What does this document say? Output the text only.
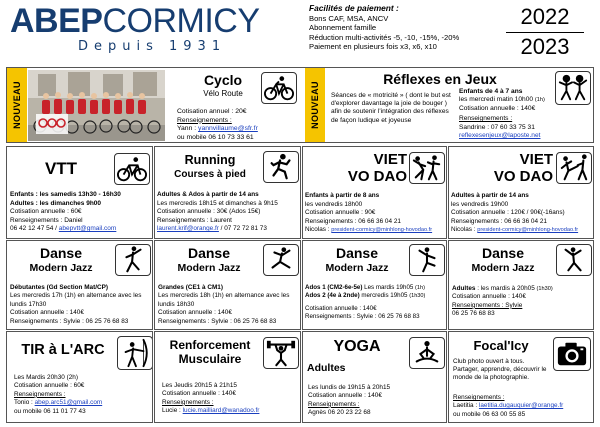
ABEPCORMICY
Depuis 1931
Facilités de paiement :
Bons CAF, MSA, ANCV
Abonnement famille
Réduction multi-activités -5, -10, -15%, -20%
Paiement en plusieurs fois x3, x6, x10
2022
2023
NOUVEAU
Cyclo
Vélo Route
Cotisation annuel : 20€
Renseignements :
Yann : yannvillaume@sfr.fr
ou mobile 06 10 73 33 61
NOUVEAU
Réflexes en Jeux
Séances de « motricité » ( dont le but est d'explorer davantage la joie de bouger ) afin de soutenir l'intégration des réflexes de façon ludique et joyeuse
Enfants de 4 à 7 ans
les mercredi matin 10h00 (1h)
Cotisation annuelle : 140€
Renseignements :
Sandrine : 07 60 33 75 31
reflexesenjeux@laposte.net
VTT
Enfants : les samedis 13h30 - 16h30
Adultes : les dimanches 9h00
Cotisation annuelle : 60€
Renseignements : Daniel
06 42 12 47 54 / abepvtt@gmail.com
Running
Courses à pied
Adultes & Ados à partir de 14 ans
Les mercredis 18h15 et dimanches à 9h15
Cotisation annuelle : 30€ (Ados 15€)
Renseignements : Laurent
laurent.krif@orange.fr / 07 72 72 81 73
VIET
VO DAO
Enfants à partir de 8 ans
les vendredis 18h00
Cotisation annuelle : 90€
Renseignements : 06 66 36 04 21
Nicolas : president-cormicy@minhlong-hovodao.fr
VIET
VO DAO
Adultes à partir de 14 ans
les vendredis 19h00
Cotisation annuelle : 120€ / 90€(-16ans)
Renseignements : 06 66 36 04 21
Nicolas : president-cormicy@minhlong-hovodao.fr
Danse
Modern Jazz
Débutantes (Gd Section Mat/CP)
Les mercredis 17h (1h) en alternance avec les lundis 17h30
Cotisation annuelle : 140€
Renseignements : Sylvie : 06 25 76 68 83
Danse
Modern Jazz
Grandes (CE1 à CM1)
Les mercredis 18h (1h) en alternance avec les lundis 18h30
Cotisation annuelle : 140€
Renseignements : Sylvie : 06 25 76 68 83
Danse
Modern Jazz
Ados 1 (CM2-6e-5e) Les mardis 19h05 (1h)
Ados 2 (4e à 2nde) mercredis 19h05 (1h30)
Cotisation annuelle : 140€
Renseignements : Sylvie : 06 25 76 68 83
Danse
Modern Jazz
Adultes : les mardis à 20h05 (1h30)
Cotisation annuelle : 140€
Renseignements : Sylvie
06 25 76 68 83
TIR à L'ARC
Les Mardis 20h30 (2h)
Cotisation annuelle : 60€
Renseignements :
Tonio : abep.arc51@gmail.com
ou mobile 06 11 01 77 43
Renforcement
Musculaire
Les Jeudis 20h15 à 21h15
Cotisation annuelle : 140€
Renseignements :
Lucie : lucie.mailliard@wanadoo.fr
YOGA
Adultes
Les lundis de 19h15 à 20h15
Cotisation annuelle : 140€
Renseignements :
Agnès 06 20 23 22 68
Focal'Icy
Club photo ouvert à tous.
Partager, apprendre, découvrir le monde de la photographie.
Renseignements :
Laetitia : laetitia.dugauquier@orange.fr
ou mobile 06 63 00 55 85
